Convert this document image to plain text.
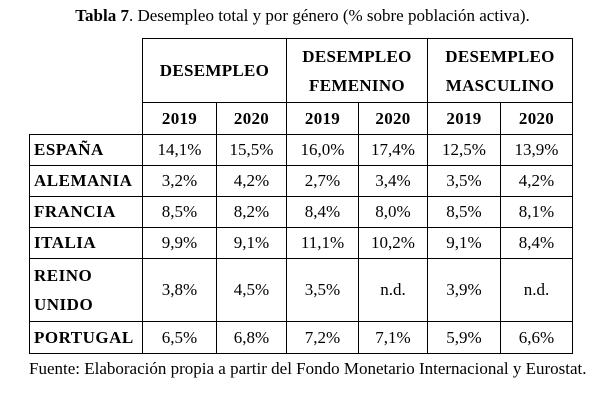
Tabla 7. Desempleo total y por género (% sobre población activa).
	DESEMPLEO		DESEMPLEO FEMENINO		DESEMPLEO MASCULINO	
	2019	2020	2019	2020	2019	2020
ESPAÑA	14,1%	15,5%	16,0%	17,4%	12,5%	13,9%
ALEMANIA	3,2%	4,2%	2,7%	3,4%	3,5%	4,2%
FRANCIA	8,5%	8,2%	8,4%	8,0%	8,5%	8,1%
ITALIA	9,9%	9,1%	11,1%	10,2%	9,1%	8,4%
REINO UNIDO	3,8%	4,5%	3,5%	n.d.	3,9%	n.d.
PORTUGAL	6,5%	6,8%	7,2%	7,1%	5,9%	6,6%
Fuente: Elaboración propia a partir del Fondo Monetario Internacional y Eurostat.
